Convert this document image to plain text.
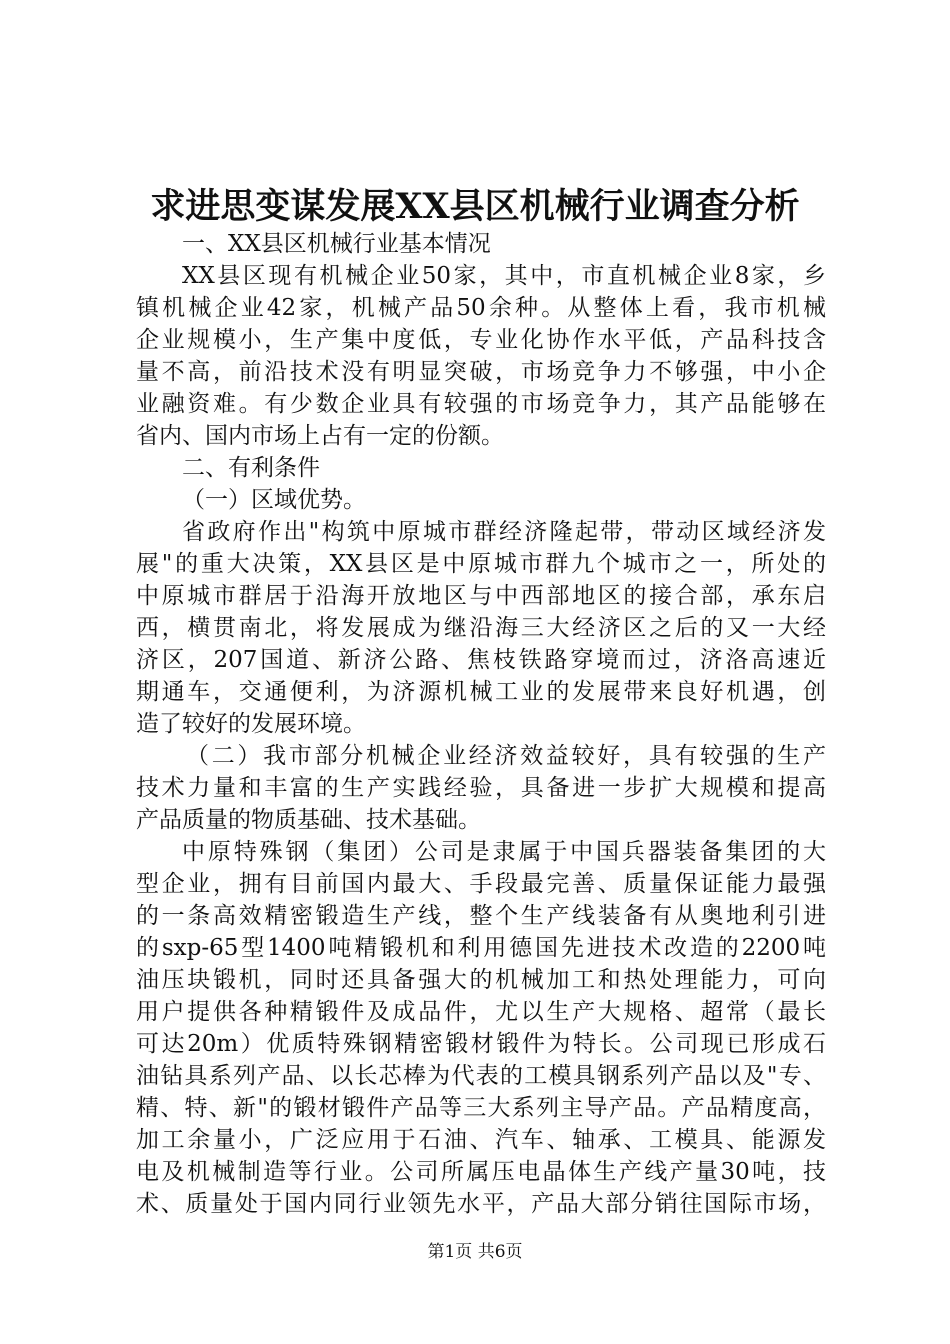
求进思变谋发展XX县区机械行业调查分析
一、XX县区机械行业基本情况
XX县区现有机械企业50家，其中，市直机械企业8家，乡
镇机械企业42家，机械产品50余种。从整体上看，我市机械
企业规模小，生产集中度低，专业化协作水平低，产品科技含
量不高，前沿技术没有明显突破，市场竞争力不够强，中小企
业融资难。有少数企业具有较强的市场竞争力，其产品能够在
省内、国内市场上占有一定的份额。
二、有利条件
（一）区域优势。
省政府作出"构筑中原城市群经济隆起带，带动区域经济发
展"的重大决策，XX县区是中原城市群九个城市之一，所处的
中原城市群居于沿海开放地区与中西部地区的接合部，承东启
西，横贯南北，将发展成为继沿海三大经济区之后的又一大经
济区，207国道、新济公路、焦枝铁路穿境而过，济洛高速近
期通车，交通便利，为济源机械工业的发展带来良好机遇，创
造了较好的发展环境。
（二）我市部分机械企业经济效益较好，具有较强的生产
技术力量和丰富的生产实践经验，具备进一步扩大规模和提高
产品质量的物质基础、技术基础。
中原特殊钢（集团）公司是隶属于中国兵器装备集团的大
型企业，拥有目前国内最大、手段最完善、质量保证能力最强
的一条高效精密锻造生产线，整个生产线装备有从奥地利引进
的sxp-65型1400吨精锻机和利用德国先进技术改造的2200吨
油压块锻机，同时还具备强大的机械加工和热处理能力，可向
用户提供各种精锻件及成品件，尤以生产大规格、超常（最长
可达20m）优质特殊钢精密锻材锻件为特长。公司现已形成石
油钻具系列产品、以长芯棒为代表的工模具钢系列产品以及"专、
精、特、新"的锻材锻件产品等三大系列主导产品。产品精度高，
加工余量小，广泛应用于石油、汽车、轴承、工模具、能源发
电及机械制造等行业。公司所属压电晶体生产线产量30吨，技
术、质量处于国内同行业领先水平，产品大部分销往国际市场，
第1页 共6页
